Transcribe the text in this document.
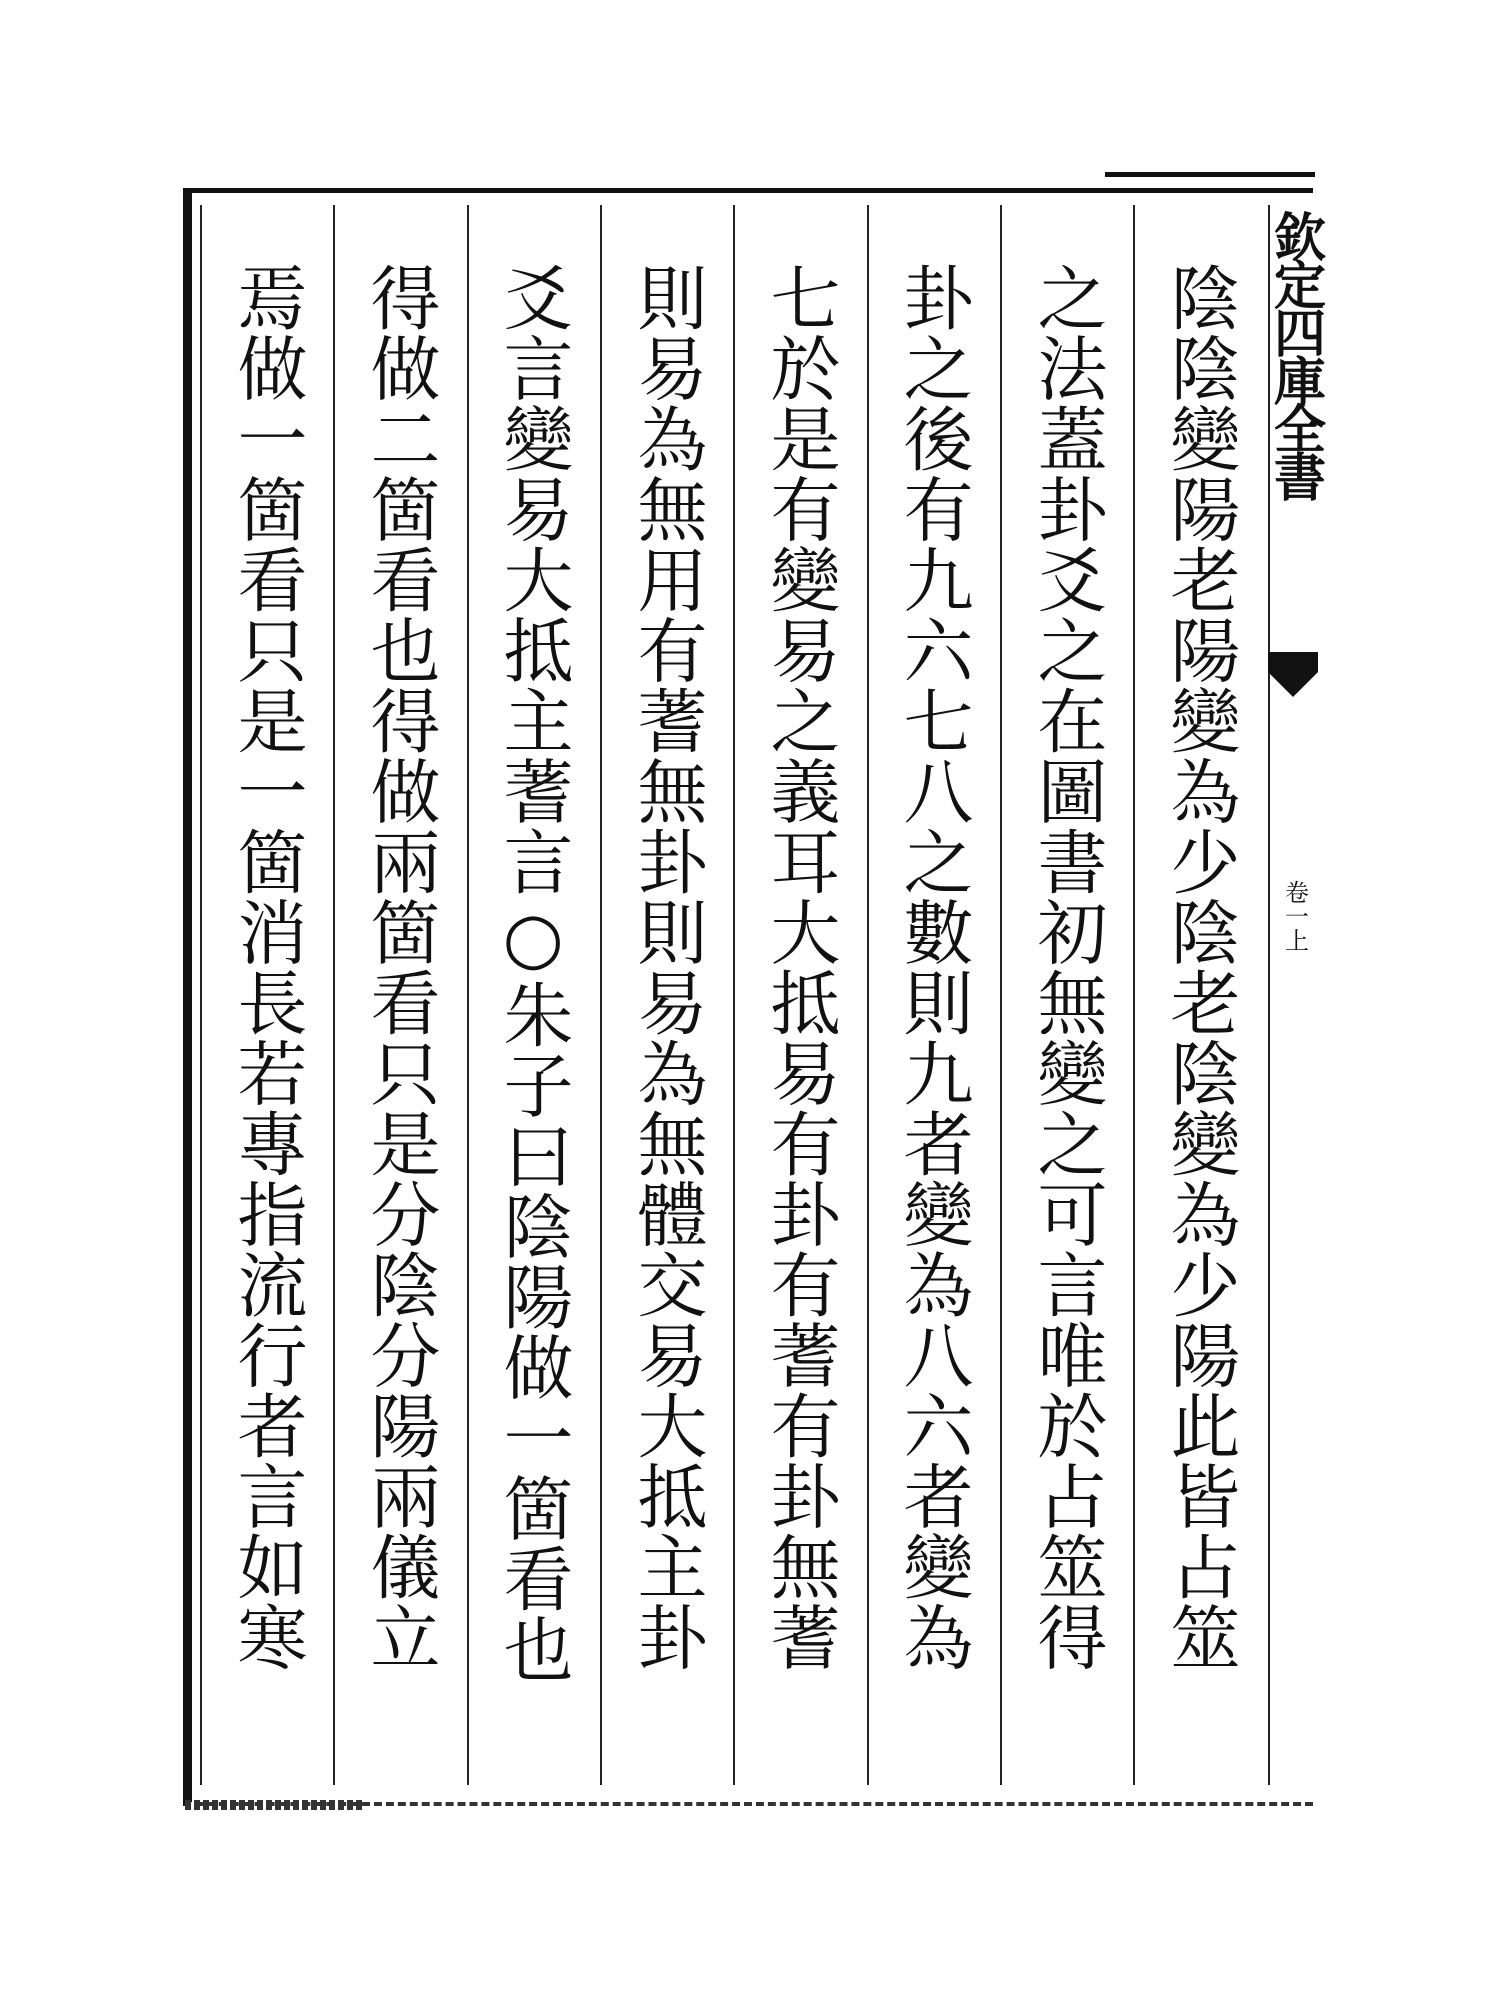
陰陰變陽老陽變為少陰老陰變為少陽此皆占筮
之法蓋卦爻之在圖書初無變之可言唯於占筮得
卦之後有九六七八之數則九者變為八六者變為
七於是有變易之義耳大抵易有卦有蓍有卦無蓍
則易為無用有蓍無卦則易為無體交易大抵主卦
爻言變易大抵主蓍言○朱子曰陰陽做一箇看也
得做二箇看也得做兩箇看只是分陰分陽兩儀立
焉做一箇看只是一箇消長若專指流行者言如寒	欽定四庫全書
卷一上
